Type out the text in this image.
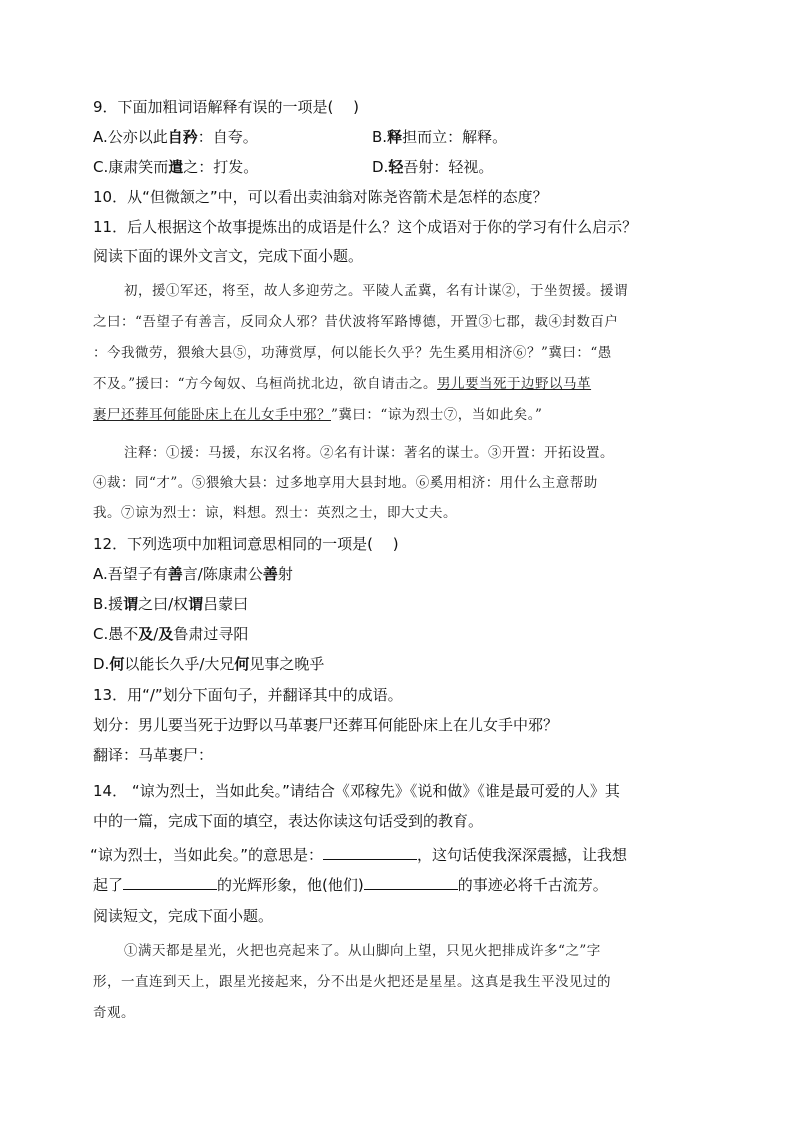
9．下面加粗词语解释有误的一项是(　 )
A.公亦以此自矜：自夸。	B.释担而立：解释。
C.康肃笑而遣之：打发。	D.轻吾射：轻视。
10．从“但微颔之”中，可以看出卖油翁对陈尧咨箭术是怎样的态度？
11．后人根据这个故事提炼出的成语是什么？这个成语对于你的学习有什么启示？
阅读下面的课外文言文，完成下面小题。
初，援①军还，将至，故人多迎劳之。平陵人孟冀，名有计谋②，于坐贺援。援谓
之曰：“吾望子有善言，反同众人邪？昔伏波将军路博德，开置③七郡，裁④封数百户
：今我微劳，猥飨大县⑤，功薄赏厚，何以能长久乎？先生奚用相济⑥？”冀曰：“愚
不及。”援曰：“方今匈奴、乌桓尚扰北边，欲自请击之。男儿要当死于边野以马革
裹尸还葬耳何能卧床上在儿女手中邪？”冀曰：“谅为烈士⑦，当如此矣。”
注释：①援：马援，东汉名将。②名有计谋：著名的谋士。③开置：开拓设置。
④裁：同“才”。⑤猥飨大县：过多地享用大县封地。⑥奚用相济：用什么主意帮助
我。⑦谅为烈士：谅，料想。烈士：英烈之士，即大丈夫。
12．下列选项中加粗词意思相同的一项是(　 )
A.吾望子有善言/陈康肃公善射
B.援谓之曰/权谓吕蒙曰
C.愚不及/及鲁肃过寻阳
D.何以能长久乎/大兄何见事之晚乎
13．用“/”划分下面句子，并翻译其中的成语。
划分：男儿要当死于边野以马革裹尸还葬耳何能卧床上在儿女手中邪？
翻译：马革裹尸：
14． “谅为烈士，当如此矣。”请结合《邓稼先》《说和做》《谁是最可爱的人》其
中的一篇，完成下面的填空，表达你读这句话受到的教育。
“谅为烈士，当如此矣。”的意思是：	，这句话使我深深震撼，让我想
起了	的光辉形象，他(他们)	的事迹必将千古流芳。
阅读短文，完成下面小题。
①满天都是星光，火把也亮起来了。从山脚向上望，只见火把排成许多“之”字
形，一直连到天上，跟星光接起来，分不出是火把还是星星。这真是我生平没见过的
奇观。
